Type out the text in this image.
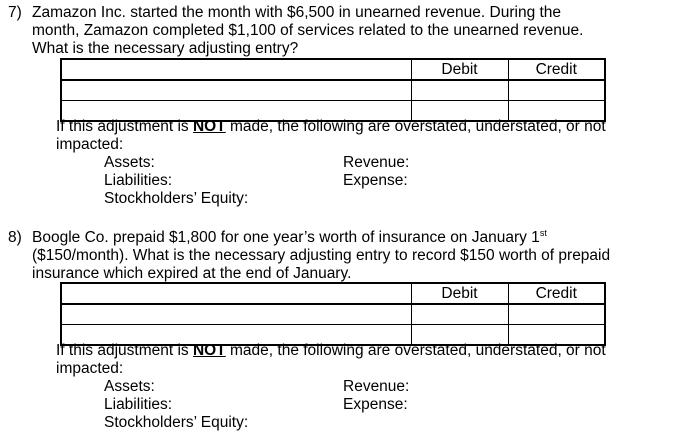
7) Zamazon Inc. started the month with $6,500 in unearned revenue. During the
month, Zamazon completed $1,100 of services related to the unearned revenue.
What is the necessary adjusting entry?
	Debit	Credit

If this adjustment is NOT made, the following are overstated, understated, or not
impacted:
Assets:
Liabilities:
Stockholders’ Equity:
Revenue:
Expense:
8) Boogle Co. prepaid $1,800 for one year’s worth of insurance on January 1st
($150/month). What is the necessary adjusting entry to record $150 worth of prepaid
insurance which expired at the end of January.
	Debit	Credit

If this adjustment is NOT made, the following are overstated, understated, or not
impacted:
Assets:
Liabilities:
Stockholders’ Equity:
Revenue:
Expense:
